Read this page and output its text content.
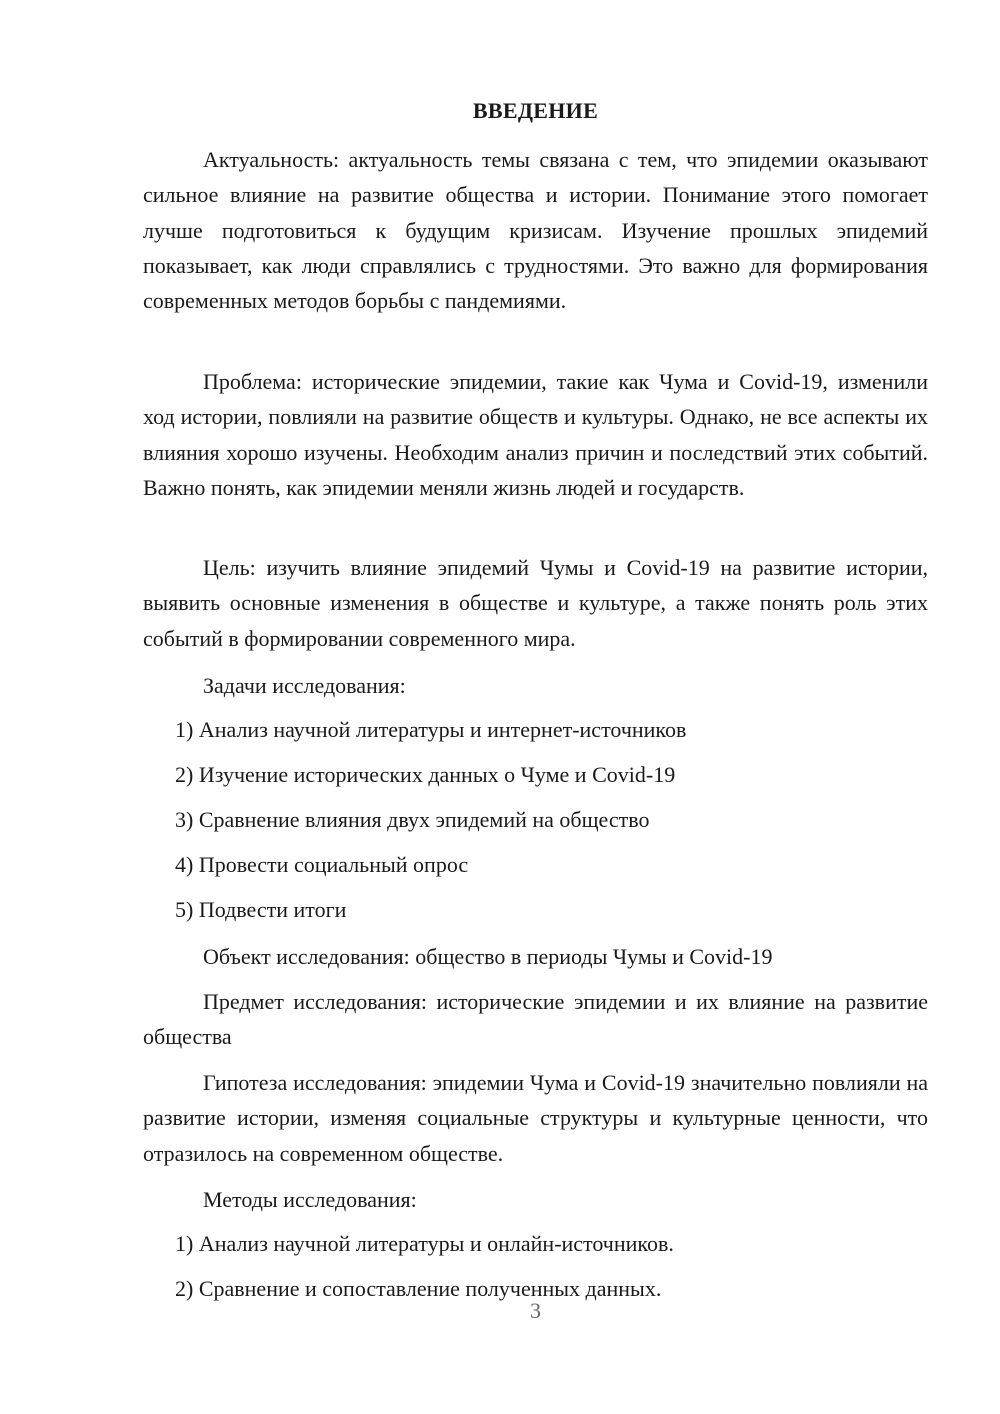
ВВЕДЕНИЕ

Актуальность: актуальность темы связана с тем, что эпидемии оказывают сильное влияние на развитие общества и истории. Понимание этого помогает лучше подготовиться к будущим кризисам. Изучение прошлых эпидемий показывает, как люди справлялись с трудностями. Это важно для формирования современных методов борьбы с пандемиями.

Проблема: исторические эпидемии, такие как Чума и Covid-19, изменили ход истории, повлияли на развитие обществ и культуры. Однако, не все аспекты их влияния хорошо изучены. Необходим анализ причин и последствий этих событий. Важно понять, как эпидемии меняли жизнь людей и государств.

Цель: изучить влияние эпидемий Чумы и Covid-19 на развитие истории, выявить основные изменения в обществе и культуре, а также понять роль этих событий в формировании современного мира.

Задачи исследования:

1) Анализ научной литературы и интернет-источников

2) Изучение исторических данных о Чуме и Covid-19

3) Сравнение влияния двух эпидемий на общество

4) Провести социальный опрос

5) Подвести итоги

Объект исследования: общество в периоды Чумы и Covid-19

Предмет исследования: исторические эпидемии и их влияние на развитие общества

Гипотеза исследования: эпидемии Чума и Covid-19 значительно повлияли на развитие истории, изменяя социальные структуры и культурные ценности, что отразилось на современном обществе.

Методы исследования:

1) Анализ научной литературы и онлайн-источников.

2) Сравнение и сопоставление полученных данных.

3
